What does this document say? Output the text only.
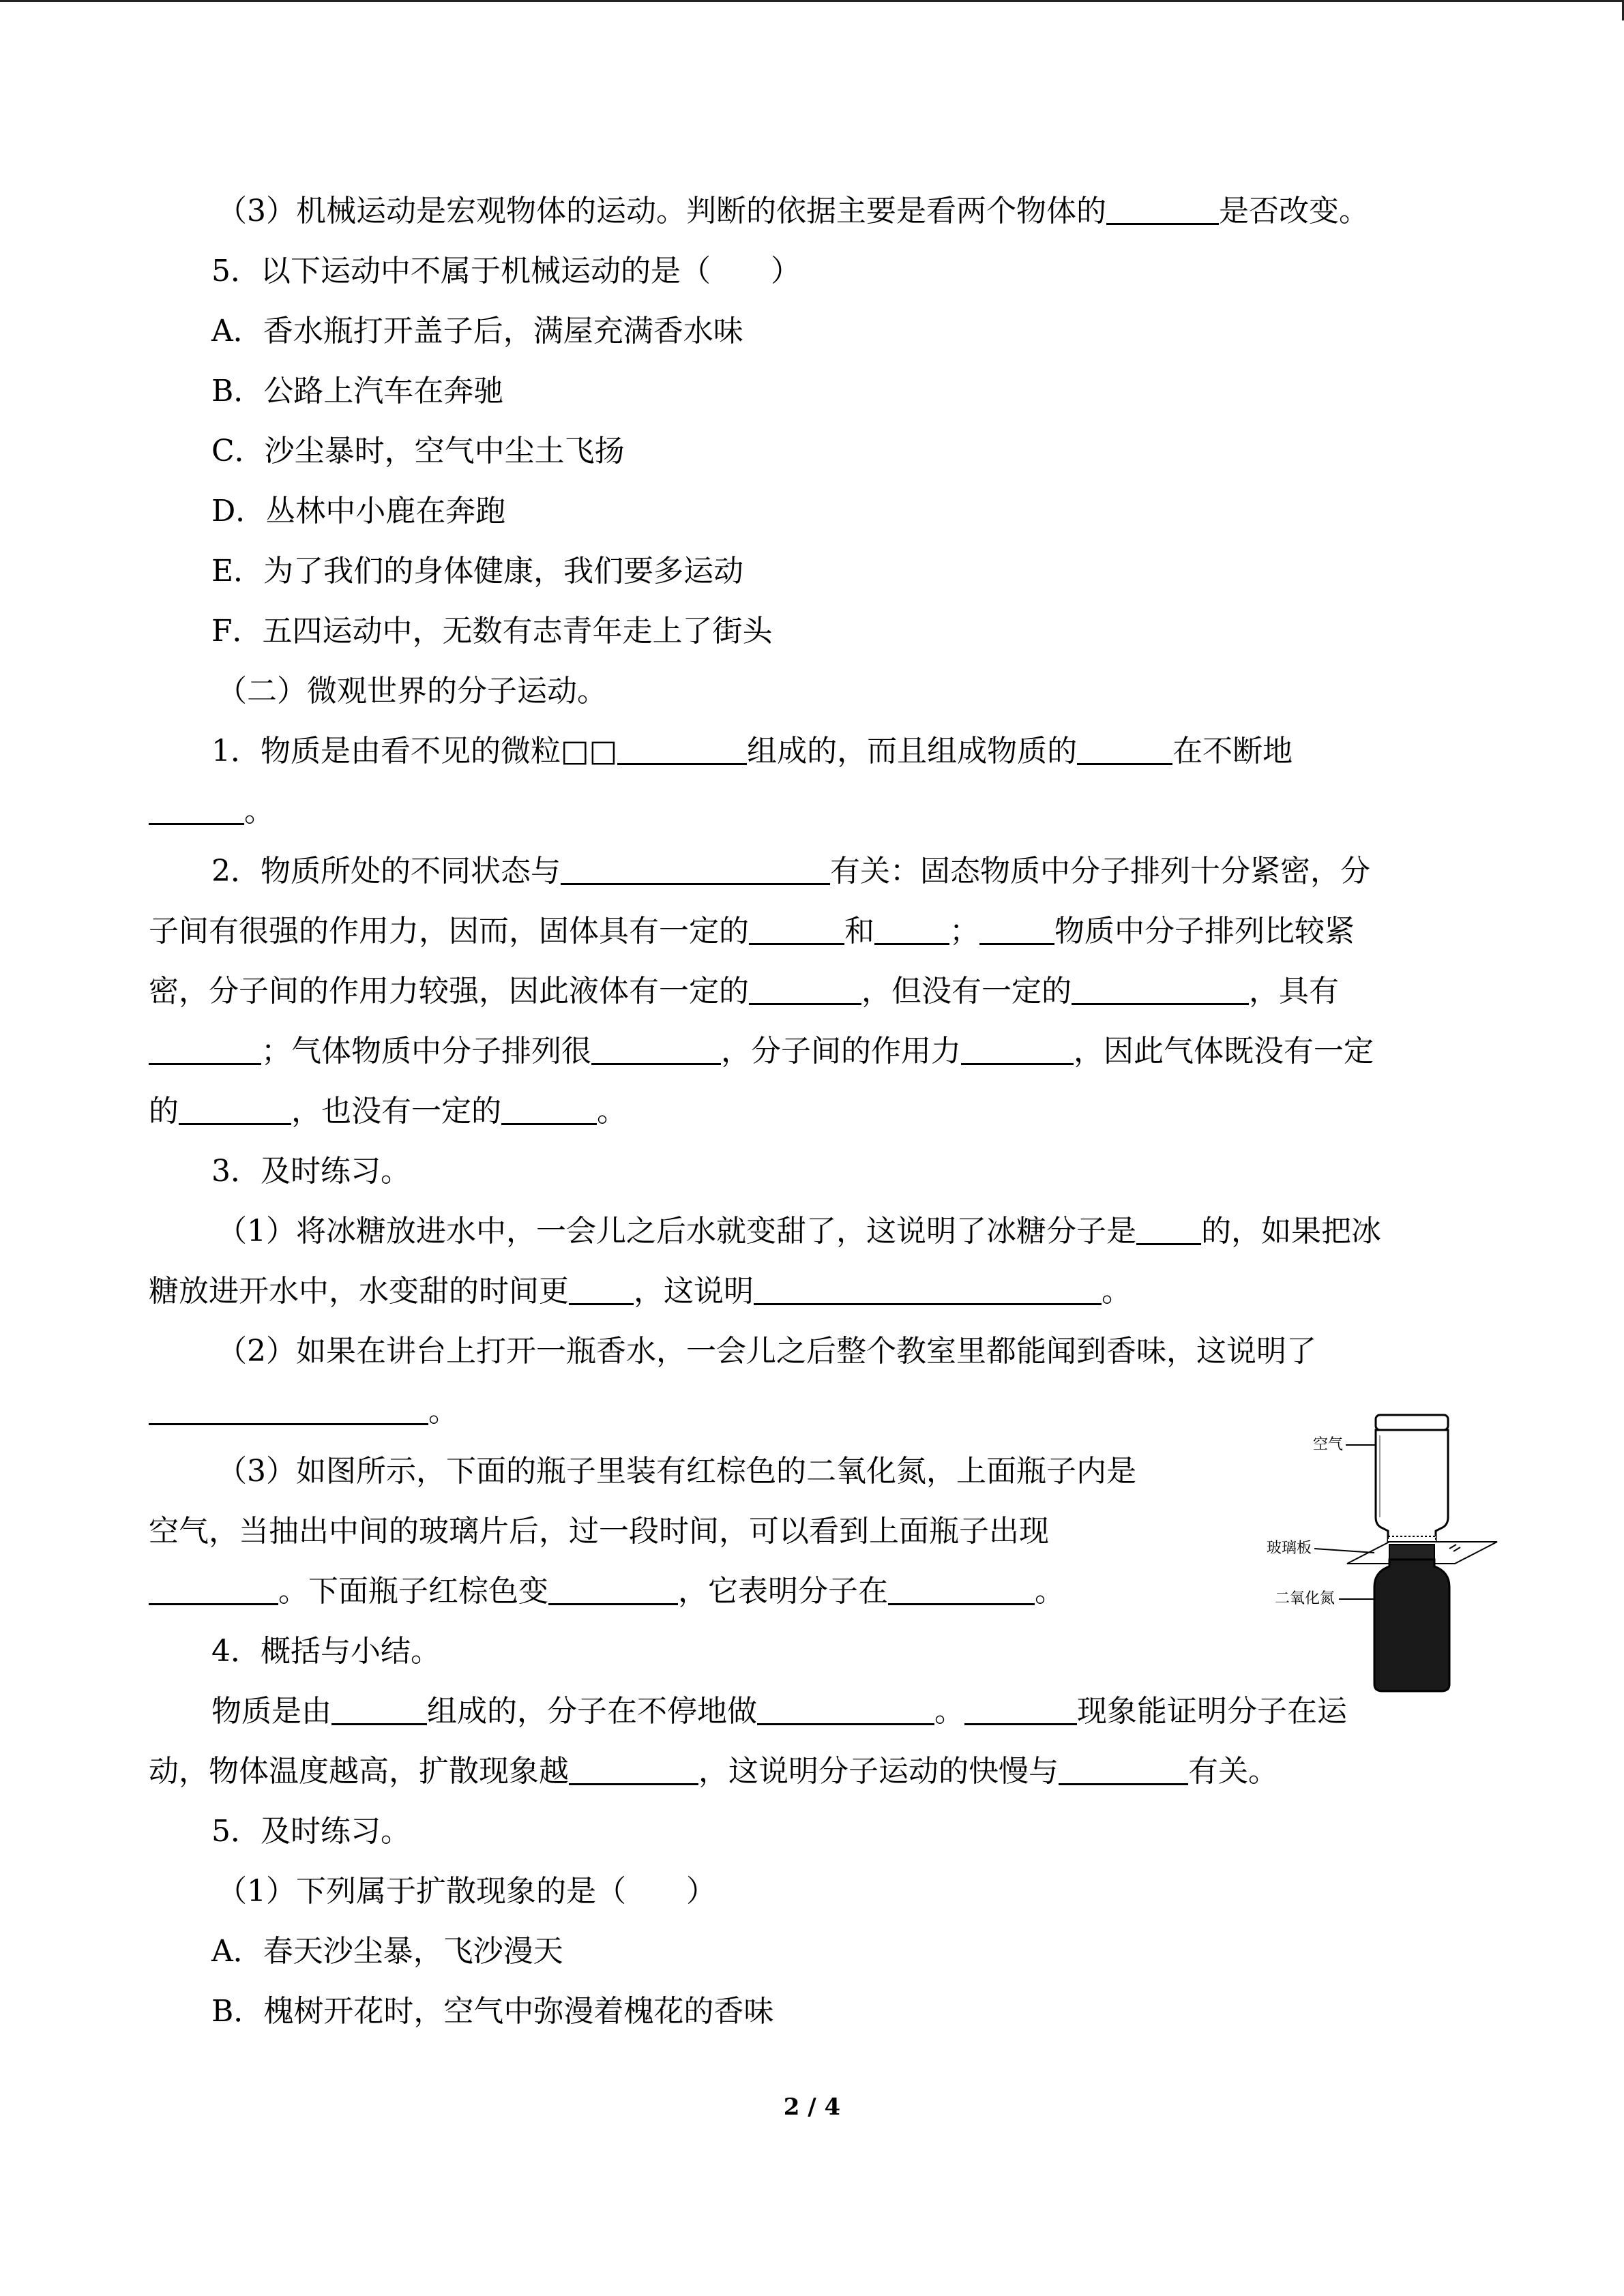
（3）机械运动是宏观物体的运动。判断的依据主要是看两个物体的	是否改变。
5．以下运动中不属于机械运动的是（　　）
A．香水瓶打开盖子后，满屋充满香水味
B．公路上汽车在奔驰
C．沙尘暴时，空气中尘土飞扬
D．丛林中小鹿在奔跑
E．为了我们的身体健康，我们要多运动
F．五四运动中，无数有志青年走上了街头
（二）微观世界的分子运动。
1．物质是由看不见的微粒□□	组成的，而且组成物质的	在不断地
。
2．物质所处的不同状态与	有关：固态物质中分子排列十分紧密，分
子间有很强的作用力，因而，固体具有一定的	和	；	物质中分子排列比较紧
密，分子间的作用力较强，因此液体有一定的	，但没有一定的	，具有
；气体物质中分子排列很	，分子间的作用力	，因此气体既没有一定
的	，也没有一定的	。
3．及时练习。
（1）将冰糖放进水中，一会儿之后水就变甜了，这说明了冰糖分子是 的，如果把冰
糖放进开水中，水变甜的时间更 ，这说明	。
（2）如果在讲台上打开一瓶香水，一会儿之后整个教室里都能闻到香味，这说明了
。
（3）如图所示，下面的瓶子里装有红棕色的二氧化氮，上面瓶子内是
空气，当抽出中间的玻璃片后，过一段时间，可以看到上面瓶子出现
。下面瓶子红棕色变	，它表明分子在	。
4．概括与小结。
物质是由	组成的，分子在不停地做	。	现象能证明分子在运
动，物体温度越高，扩散现象越	，这说明分子运动的快慢与	有关。
5．及时练习。
（1）下列属于扩散现象的是（　　）
A．春天沙尘暴，飞沙漫天
B．槐树开花时，空气中弥漫着槐花的香味
空气
玻璃板
二氧化氮
2 / 4
